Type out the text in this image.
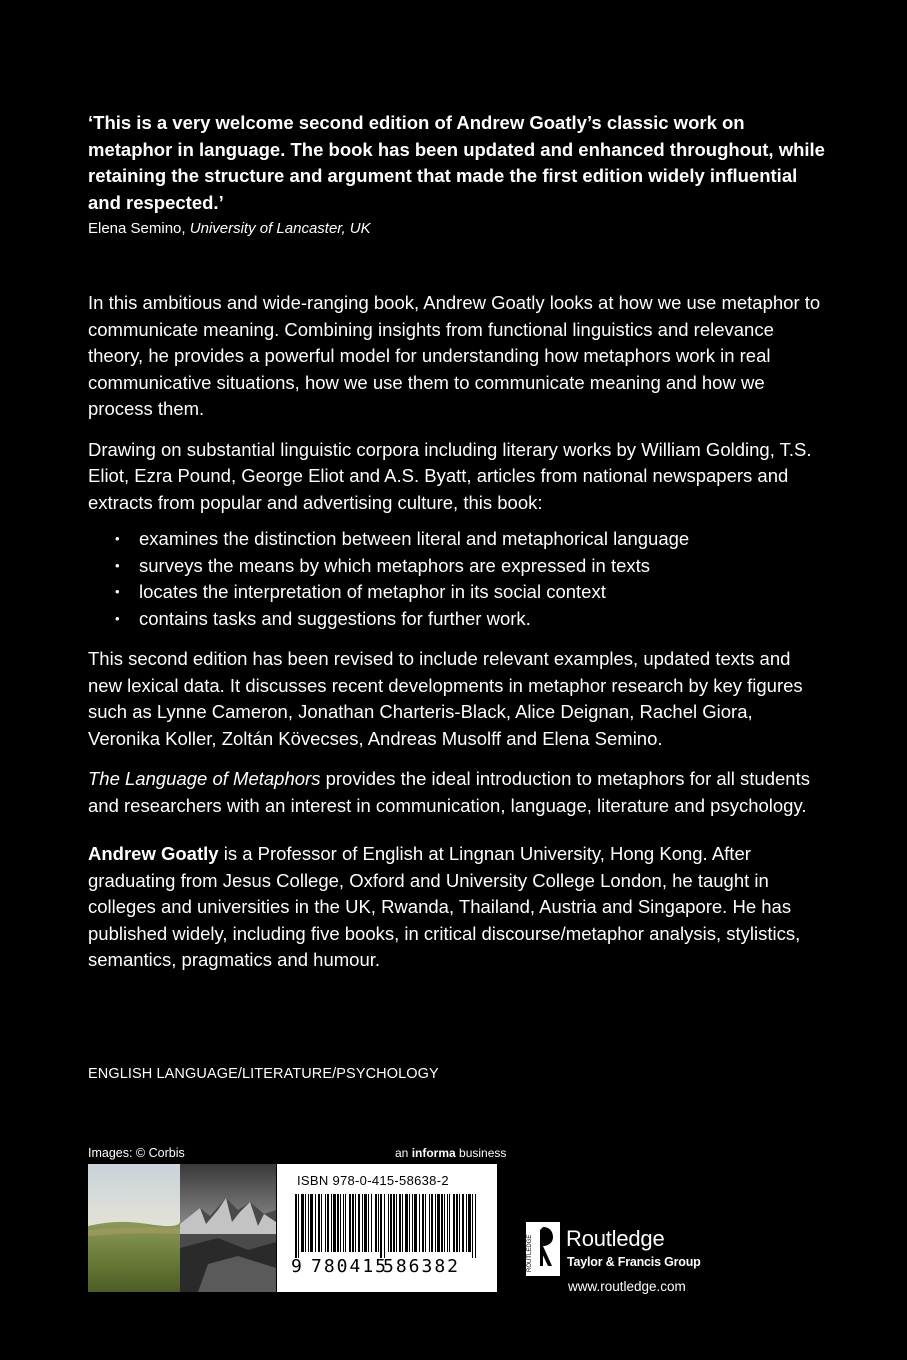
‘This is a very welcome second edition of Andrew Goatly’s classic work on metaphor in language. The book has been updated and enhanced throughout, while retaining the structure and argument that made the first edition widely influential and respected.’

Elena Semino, University of Lancaster, UK

In this ambitious and wide-ranging book, Andrew Goatly looks at how we use metaphor to communicate meaning. Combining insights from functional linguistics and relevance theory, he provides a powerful model for understanding how metaphors work in real communicative situations, how we use them to communicate meaning and how we process them.

Drawing on substantial linguistic corpora including literary works by William Golding, T.S. Eliot, Ezra Pound, George Eliot and A.S. Byatt, articles from national newspapers and extracts from popular and advertising culture, this book:

• examines the distinction between literal and metaphorical language
• surveys the means by which metaphors are expressed in texts
• locates the interpretation of metaphor in its social context
• contains tasks and suggestions for further work.

This second edition has been revised to include relevant examples, updated texts and new lexical data. It discusses recent developments in metaphor research by key figures such as Lynne Cameron, Jonathan Charteris-Black, Alice Deignan, Rachel Giora, Veronika Koller, Zoltán Kövecses, Andreas Musolff and Elena Semino.

The Language of Metaphors provides the ideal introduction to metaphors for all students and researchers with an interest in communication, language, literature and psychology.

Andrew Goatly is a Professor of English at Lingnan University, Hong Kong. After graduating from Jesus College, Oxford and University College London, he taught in colleges and universities in the UK, Rwanda, Thailand, Austria and Singapore. He has published widely, including five books, in critical discourse/metaphor analysis, stylistics, semantics, pragmatics and humour.

ENGLISH LANGUAGE/LITERATURE/PSYCHOLOGY
Images: © Corbis	an informa business
ISBN 978-0-415-58638-2
9 780415
586382	ROUTLEDGE Routledge
Taylor & Francis Group
www.routledge.com
